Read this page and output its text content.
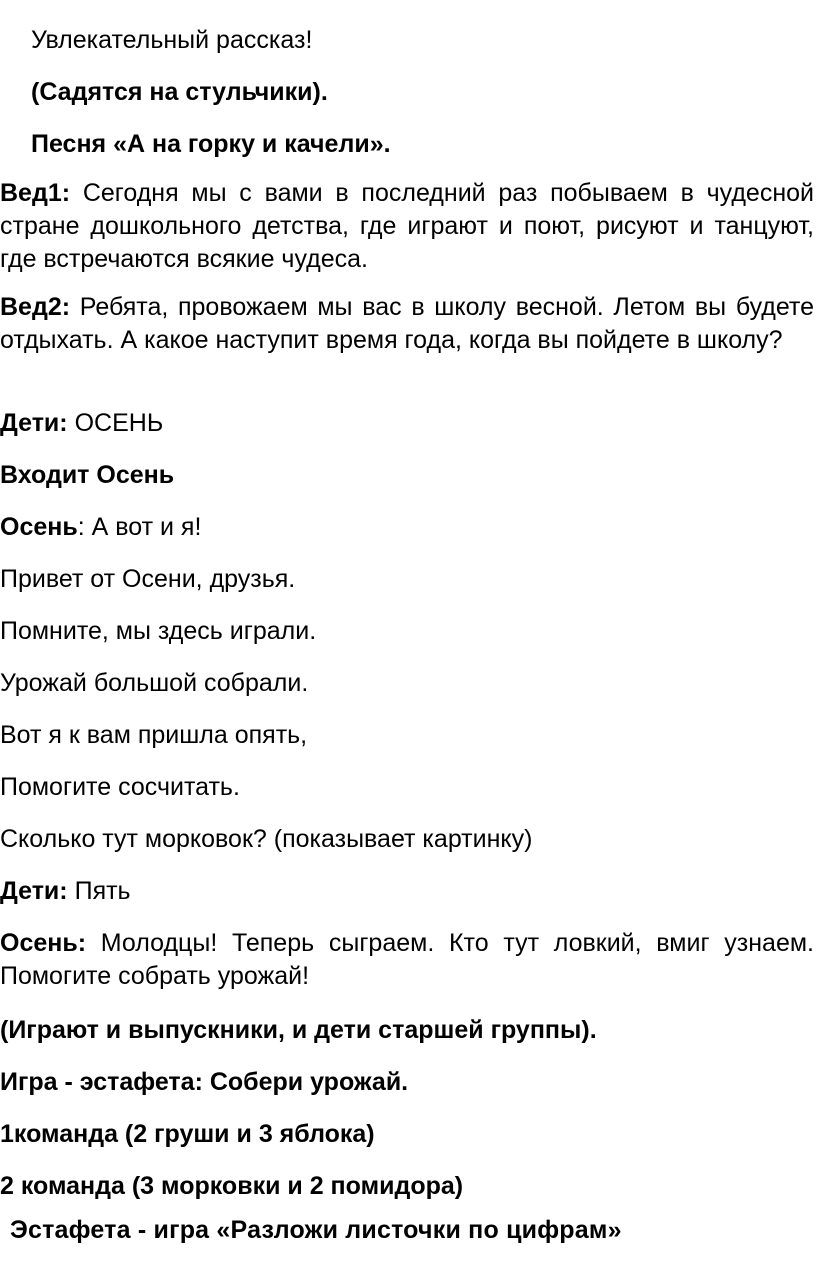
Увлекательный рассказ!
(Садятся на стульчики).
Песня «А на горку и качели».
Вед1: Сегодня мы с вами в последний раз побываем в чудесной стране дошкольного детства, где играют и поют, рисуют и танцуют, где встречаются всякие чудеса.
Вед2: Ребята, провожаем мы вас в школу весной. Летом вы будете отдыхать. А какое наступит время года, когда вы пойдете в школу?
Дети: ОСЕНЬ
Входит Осень
Осень: А вот и я!
Привет от Осени, друзья.
Помните, мы здесь играли.
Урожай большой собрали.
Вот я к вам пришла опять,
Помогите сосчитать.
Сколько тут морковок? (показывает картинку)
Дети: Пять
Осень: Молодцы! Теперь сыграем. Кто тут ловкий, вмиг узнаем. Помогите собрать урожай!
(Играют и выпускники, и дети старшей группы).
Игра - эстафета: Собери урожай.
1команда (2 груши и 3 яблока)
2 команда (3 морковки и 2 помидора)
Эстафета - игра «Разложи листочки по цифрам»
